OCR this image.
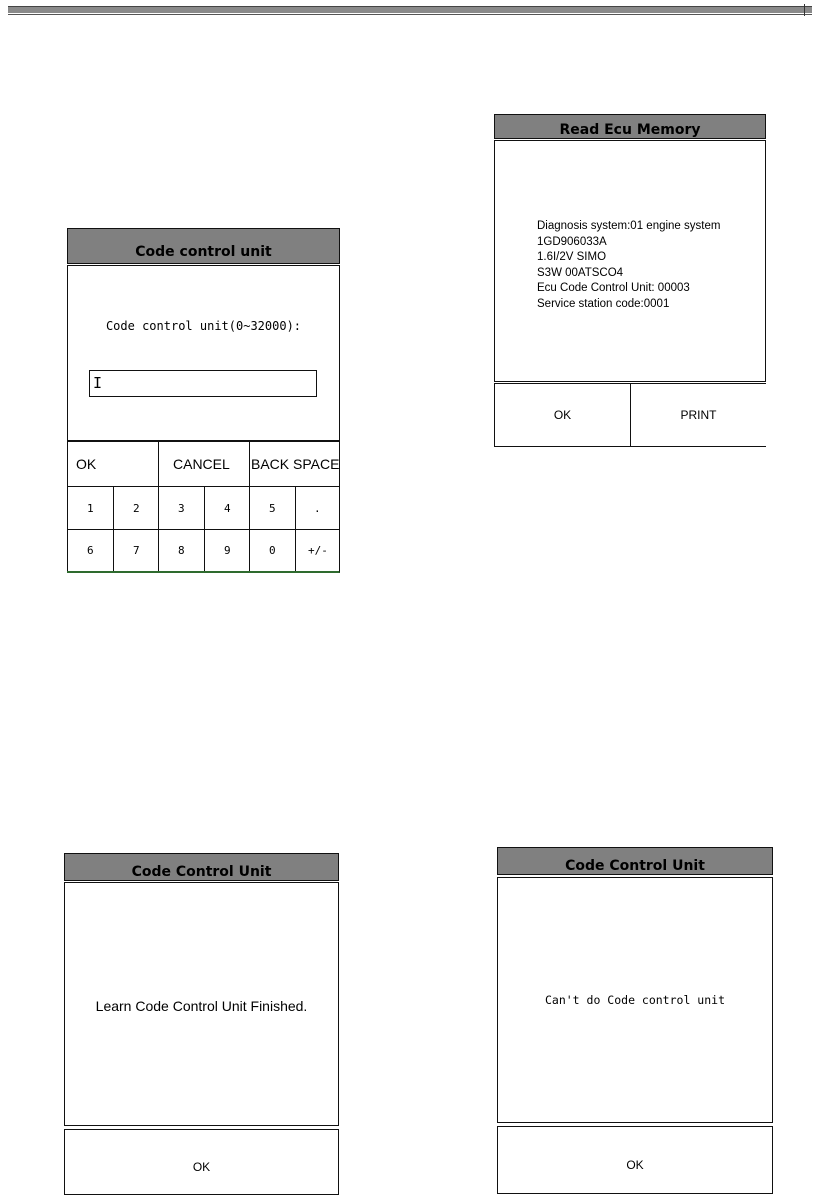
Code control unit
Code control unit(0~32000):
I
OK	CANCEL	BACK SPACE
1	2	3	4	5	.
6	7	8	9	0	+/-
Read Ecu Memory
Diagnosis system:01 engine system
1GD906033A
1.6I/2V SIMO
S3W 00ATSCO4
Ecu Code Control Unit: 00003
Service station code:0001
OK	PRINT
Code Control Unit
Learn Code Control Unit Finished.
OK
Code Control Unit
Can't do Code control unit
OK
